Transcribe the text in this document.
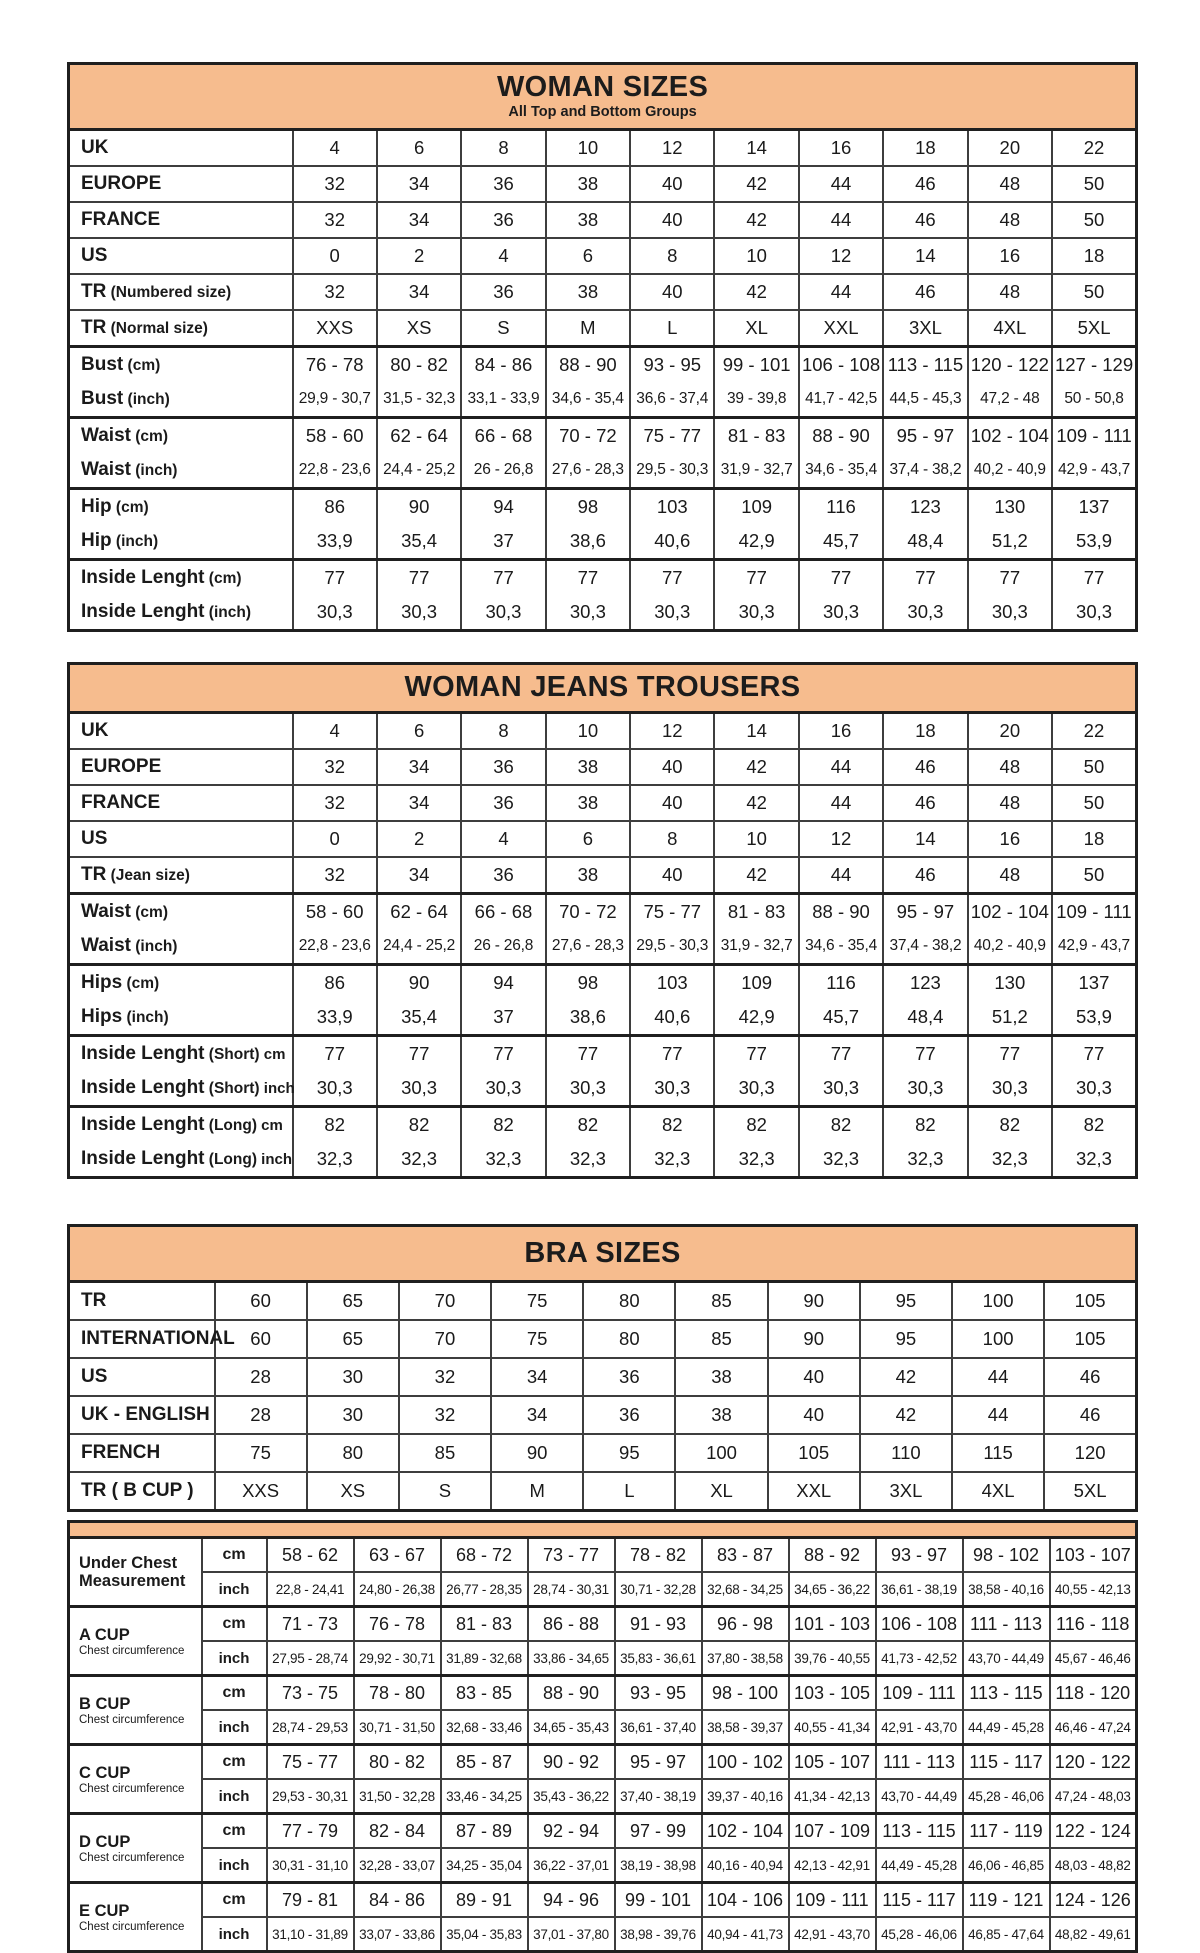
WOMAN SIZES
All Top and Bottom Groups										

UK	4	6	8	10	12	14	16	18	20	22
EUROPE	32	34	36	38	40	42	44	46	48	50
FRANCE	32	34	36	38	40	42	44	46	48	50
US	0	2	4	6	8	10	12	14	16	18
TR (Numbered size)	32	34	36	38	40	42	44	46	48	50
TR (Normal size)	XXS	XS	S	M	L	XL	XXL	3XL	4XL	5XL
Bust (cm)	76 - 78	80 - 82	84 - 86	88 - 90	93 - 95	99 - 101	106 - 108	113 - 115	120 - 122	127 - 129
Bust (inch)	29,9 - 30,7	31,5 - 32,3	33,1 - 33,9	34,6 - 35,4	36,6 - 37,4	39 - 39,8	41,7 - 42,5	44,5 - 45,3	47,2 - 48	50 - 50,8
Waist (cm)	58 - 60	62 - 64	66 - 68	70 - 72	75 - 77	81 - 83	88 - 90	95 - 97	102 - 104	109 - 111
Waist (inch)	22,8 - 23,6	24,4 - 25,2	26 - 26,8	27,6 - 28,3	29,5 - 30,3	31,9 - 32,7	34,6 - 35,4	37,4 - 38,2	40,2 - 40,9	42,9 - 43,7
Hip (cm)	86	90	94	98	103	109	116	123	130	137
Hip (inch)	33,9	35,4	37	38,6	40,6	42,9	45,7	48,4	51,2	53,9
Inside Lenght (cm)	77	77	77	77	77	77	77	77	77	77
Inside Lenght (inch)	30,3	30,3	30,3	30,3	30,3	30,3	30,3	30,3	30,3	30,3
WOMAN JEANS TROUSERS										

UK	4	6	8	10	12	14	16	18	20	22
EUROPE	32	34	36	38	40	42	44	46	48	50
FRANCE	32	34	36	38	40	42	44	46	48	50
US	0	2	4	6	8	10	12	14	16	18
TR (Jean size)	32	34	36	38	40	42	44	46	48	50
Waist (cm)	58 - 60	62 - 64	66 - 68	70 - 72	75 - 77	81 - 83	88 - 90	95 - 97	102 - 104	109 - 111
Waist (inch)	22,8 - 23,6	24,4 - 25,2	26 - 26,8	27,6 - 28,3	29,5 - 30,3	31,9 - 32,7	34,6 - 35,4	37,4 - 38,2	40,2 - 40,9	42,9 - 43,7
Hips (cm)	86	90	94	98	103	109	116	123	130	137
Hips (inch)	33,9	35,4	37	38,6	40,6	42,9	45,7	48,4	51,2	53,9
Inside Lenght (Short) cm	77	77	77	77	77	77	77	77	77	77
Inside Lenght (Short) inch	30,3	30,3	30,3	30,3	30,3	30,3	30,3	30,3	30,3	30,3
Inside Lenght (Long) cm	82	82	82	82	82	82	82	82	82	82
Inside Lenght (Long) inch	32,3	32,3	32,3	32,3	32,3	32,3	32,3	32,3	32,3	32,3
BRA SIZES										

TR	60	65	70	75	80	85	90	95	100	105
INTERNATIONAL	60	65	70	75	80	85	90	95	100	105
US	28	30	32	34	36	38	40	42	44	46
UK - ENGLISH	28	30	32	34	36	38	40	42	44	46
FRENCH	75	80	85	90	95	100	105	110	115	120
TR ( B CUP )	XXS	XS	S	M	L	XL	XXL	3XL	4XL	5XL

Under Chest Measurement	cm	58 - 62	63 - 67	68 - 72	73 - 77	78 - 82	83 - 87	88 - 92	93 - 97	98 - 102	103 - 107
	inch	22,8 - 24,41	24,80 - 26,38	26,77 - 28,35	28,74 - 30,31	30,71 - 32,28	32,68 - 34,25	34,65 - 36,22	36,61 - 38,19	38,58 - 40,16	40,55 - 42,13

A CUP
Chest circumference	cm	71 - 73	76 - 78	81 - 83	86 - 88	91 - 93	96 - 98	101 - 103	106 - 108	111 - 113	116 - 118
	inch	27,95 - 28,74	29,92 - 30,71	31,89 - 32,68	33,86 - 34,65	35,83 - 36,61	37,80 - 38,58	39,76 - 40,55	41,73 - 42,52	43,70 - 44,49	45,67 - 46,46

B CUP
Chest circumference	cm	73 - 75	78 - 80	83 - 85	88 - 90	93 - 95	98 - 100	103 - 105	109 - 111	113 - 115	118 - 120
	inch	28,74 - 29,53	30,71 - 31,50	32,68 - 33,46	34,65 - 35,43	36,61 - 37,40	38,58 - 39,37	40,55 - 41,34	42,91 - 43,70	44,49 - 45,28	46,46 - 47,24

C CUP
Chest circumference	cm	75 - 77	80 - 82	85 - 87	90 - 92	95 - 97	100 - 102	105 - 107	111 - 113	115 - 117	120 - 122
	inch	29,53 - 30,31	31,50 - 32,28	33,46 - 34,25	35,43 - 36,22	37,40 - 38,19	39,37 - 40,16	41,34 - 42,13	43,70 - 44,49	45,28 - 46,06	47,24 - 48,03

D CUP
Chest circumference	cm	77 - 79	82 - 84	87 - 89	92 - 94	97 - 99	102 - 104	107 - 109	113 - 115	117 - 119	122 - 124
	inch	30,31 - 31,10	32,28 - 33,07	34,25 - 35,04	36,22 - 37,01	38,19 - 38,98	40,16 - 40,94	42,13 - 42,91	44,49 - 45,28	46,06 - 46,85	48,03 - 48,82

E CUP
Chest circumference	cm	79 - 81	84 - 86	89 - 91	94 - 96	99 - 101	104 - 106	109 - 111	115 - 117	119 - 121	124 - 126
	inch	31,10 - 31,89	33,07 - 33,86	35,04 - 35,83	37,01 - 37,80	38,98 - 39,76	40,94 - 41,73	42,91 - 43,70	45,28 - 46,06	46,85 - 47,64	48,82 - 49,61
